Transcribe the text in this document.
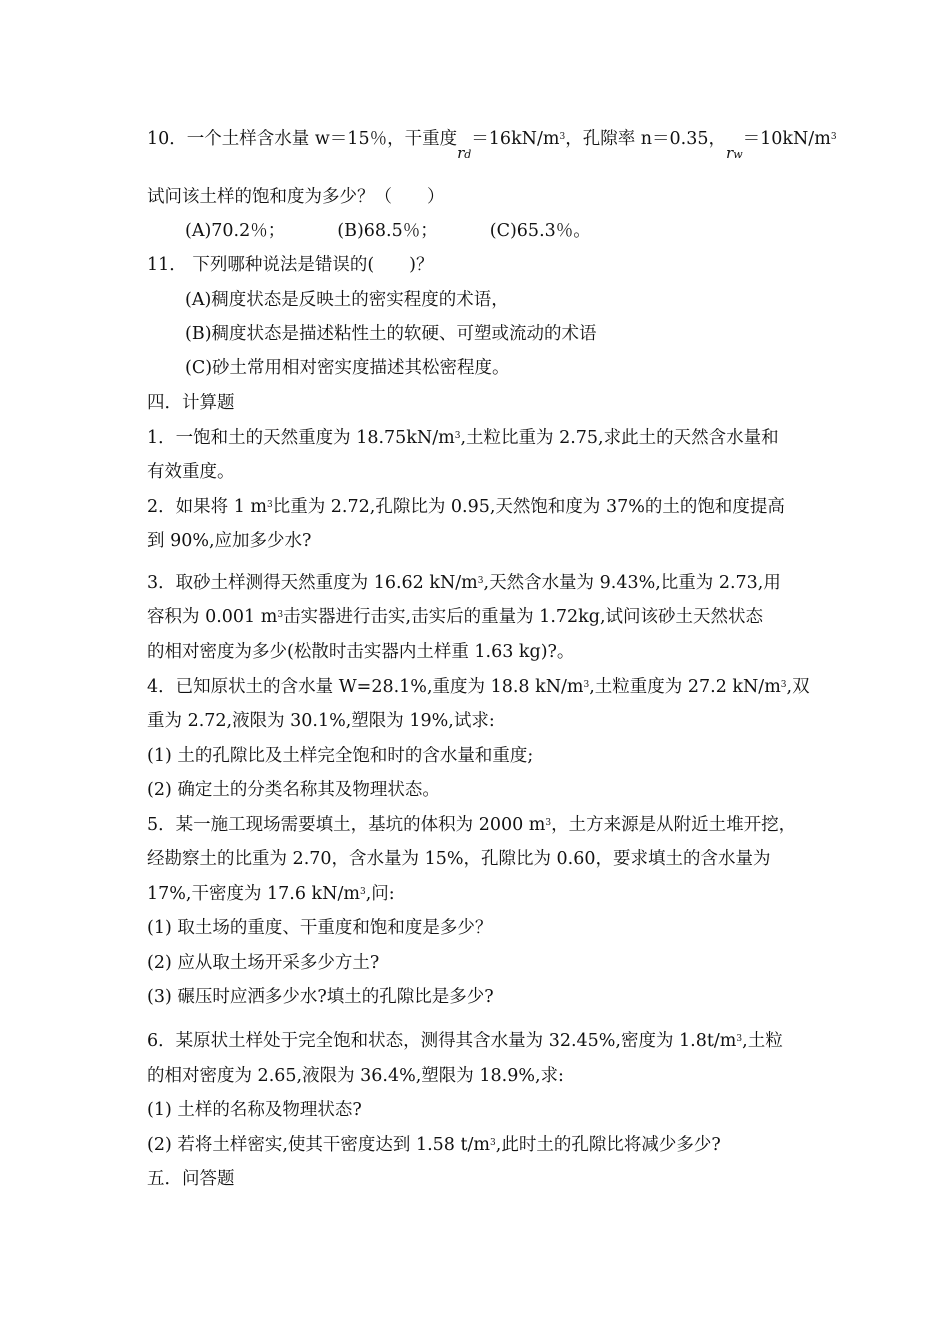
10．一个土样含水量 w＝15％，干重度$rd=16kN/m^3$，孔隙率 n＝0.35，$rw=10kN/m^3$
试问该土样的饱和度为多少？（　　）
(A)70.2％；	(B)68.5％；	(C)65.3％。
11． 下列哪种说法是错误的(　　)？
(A)稠度状态是反映土的密实程度的术语，
(B)稠度状态是描述粘性土的软硬、可塑或流动的术语
(C)砂土常用相对密实度描述其松密程度。
四．计算题
1．一饱和土的天然重度为 $18.75kN/m^3$,土粒比重为 2.75,求此土的天然含水量和
有效重度。
2．如果将 1 $m^3$比重为 2.72,孔隙比为 0.95,天然饱和度为 37%的土的饱和度提高
到 90%,应加多少水?
3．取砂土样测得天然重度为 16.62 $kN/m^3$,天然含水量为 9.43%,比重为 2.73,用
容积为 0.001 $m^3$击实器进行击实,击实后的重量为 1.72kg,试问该砂土天然状态
的相对密度为多少(松散时击实器内土样重 1.63 kg)?。
4．已知原状土的含水量 W=28.1%,重度为 18.8 $kN/m^3$,土粒重度为 27.2 $kN/m^3$,双
重为 2.72,液限为 30.1%,塑限为 19%,试求:
(1) 土的孔隙比及土样完全饱和时的含水量和重度;
(2) 确定土的分类名称其及物理状态。
5．某一施工现场需要填土，基坑的体积为 2000 $m^3$，土方来源是从附近土堆开挖，
经勘察土的比重为 2.70，含水量为 15%，孔隙比为 0.60，要求填土的含水量为
17%,干密度为 17.6 $kN/m^3$,问:
(1) 取土场的重度、干重度和饱和度是多少？
(2) 应从取土场开采多少方土?
(3) 碾压时应洒多少水?填土的孔隙比是多少?
6．某原状土样处于完全饱和状态，测得其含水量为 32.45%,密度为 $1.8t/m^3$,土粒
的相对密度为 2.65,液限为 36.4%,塑限为 18.9%,求:
(1) 土样的名称及物理状态?
(2) 若将土样密实,使其干密度达到 1.58 $t/m^3$,此时土的孔隙比将减少多少?
五．问答题
